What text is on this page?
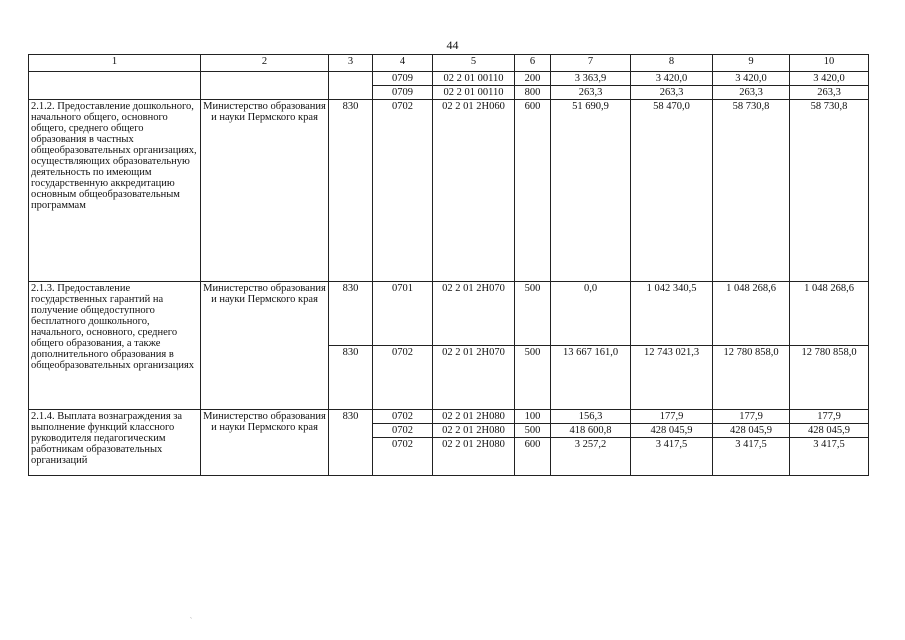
44
1	2	3	4	5	6	7	8	9	10
			0709	02 2 01 00110	200	3 363,9	3 420,0	3 420,0	3 420,0
			0709	02 2 01 00110	800	263,3	263,3	263,3	263,3
2.1.2. Предоставление дошкольного, начального общего, основного общего, среднего общего образования в частных общеобразовательных организациях, осуществляющих образовательную деятельность по имеющим государственную аккредитацию основным общеобразовательным программам	Министерство образования и науки Пермского края	830	0702	02 2 01 2Н060	600	51 690,9	58 470,0	58 730,8	58 730,8
2.1.3. Предоставление государственных гарантий на получение общедоступного бесплатного дошкольного, начального, основного, среднего общего образования, а также дополнительного образования в общеобразовательных организациях	Министерство образования и науки Пермского края	830	0701	02 2 01 2Н070	500	0,0	1 042 340,5	1 048 268,6	1 048 268,6
		830	0702	02 2 01 2Н070	500	13 667 161,0	12 743 021,3	12 780 858,0	12 780 858,0
2.1.4. Выплата вознаграждения за выполнение функций классного руководителя педагогическим работникам образовательных организаций	Министерство образования и науки Пермского края	830	0702	02 2 01 2Н080	100	156,3	177,9	177,9	177,9
			0702	02 2 01 2Н080	500	418 600,8	428 045,9	428 045,9	428 045,9
			0702	02 2 01 2Н080	600	3 257,2	3 417,5	3 417,5	3 417,5
`
